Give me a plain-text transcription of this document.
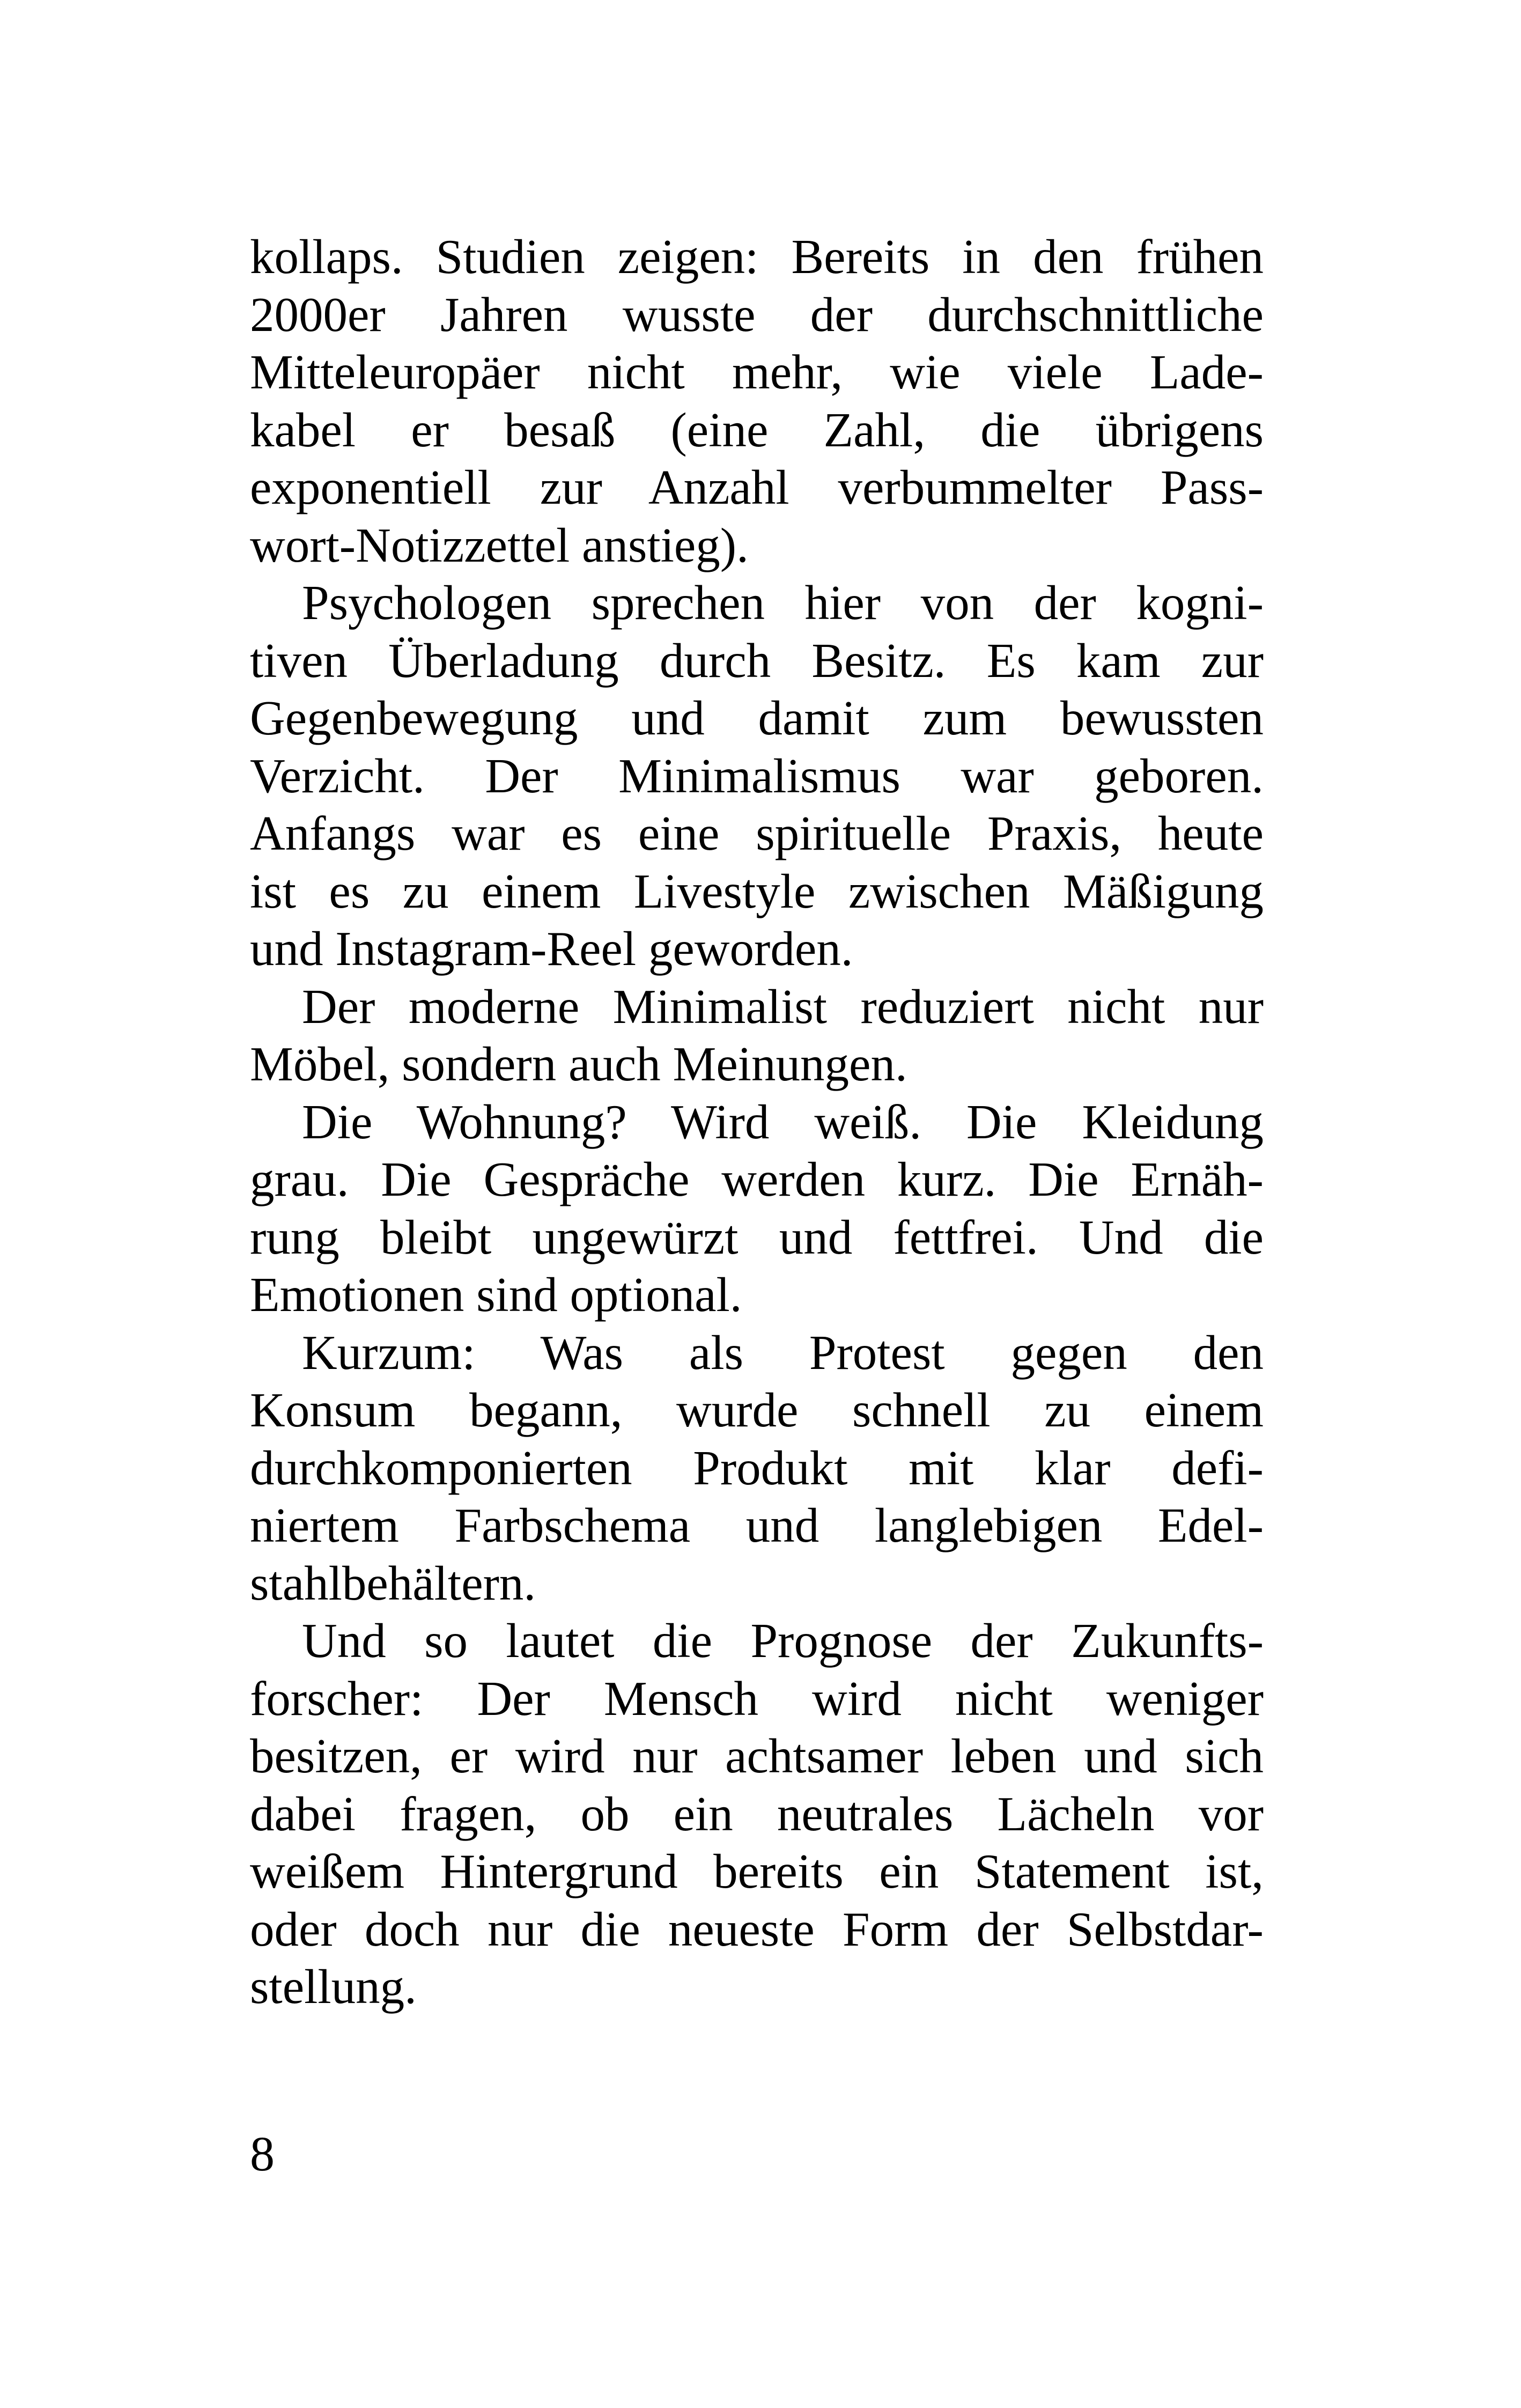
kollaps. Studien zeigen: Bereits in den frühen
2000er Jahren wusste der durchschnittliche
Mitteleuropäer nicht mehr, wie viele Lade-
kabel er besaß (eine Zahl, die übrigens
exponentiell zur Anzahl verbummelter Pass-
wort-Notizzettel anstieg).
Psychologen sprechen hier von der kogni-
tiven Überladung durch Besitz. Es kam zur
Gegenbewegung und damit zum bewussten
Verzicht. Der Minimalismus war geboren.
Anfangs war es eine spirituelle Praxis, heute
ist es zu einem Livestyle zwischen Mäßigung
und Instagram-Reel geworden.
Der moderne Minimalist reduziert nicht nur
Möbel, sondern auch Meinungen.
Die Wohnung? Wird weiß. Die Kleidung
grau. Die Gespräche werden kurz. Die Ernäh-
rung bleibt ungewürzt und fettfrei. Und die
Emotionen sind optional.
Kurzum: Was als Protest gegen den
Konsum begann, wurde schnell zu einem
durchkomponierten Produkt mit klar defi-
niertem Farbschema und langlebigen Edel-
stahlbehältern.
Und so lautet die Prognose der Zukunfts-
forscher: Der Mensch wird nicht weniger
besitzen, er wird nur achtsamer leben und sich
dabei fragen, ob ein neutrales Lächeln vor
weißem Hintergrund bereits ein Statement ist,
oder doch nur die neueste Form der Selbstdar-
stellung.
8
